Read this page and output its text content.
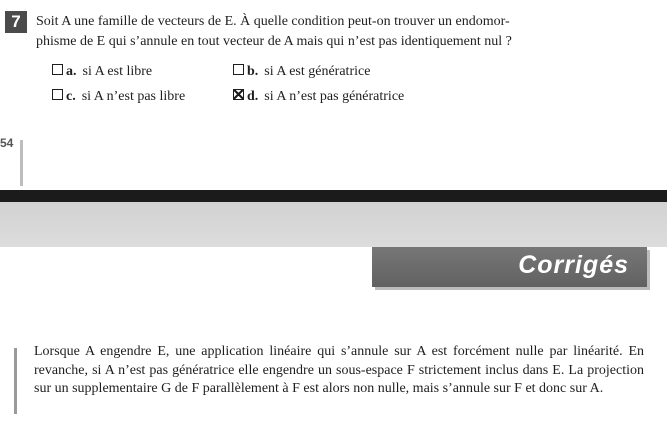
7	Soit A une famille de vecteurs de E. À quelle condition peut-on trouver un endomor-
phisme de E qui s’annule en tout vecteur de A mais qui n’est pas identiquement nul ?
a. si A est libre	b. si A est génératrice
c. si A n’est pas libre	d. si A n’est pas génératrice
54
Corrigés
Lorsque A engendre E, une application linéaire qui s’annule sur A est forcément nulle par linéarité. En revanche, si A n’est pas génératrice elle engendre un sous-espace F strictement inclus dans E. La projection sur un supplementaire G de F parallèlement à F est alors non nulle, mais s’annule sur F et donc sur A.
